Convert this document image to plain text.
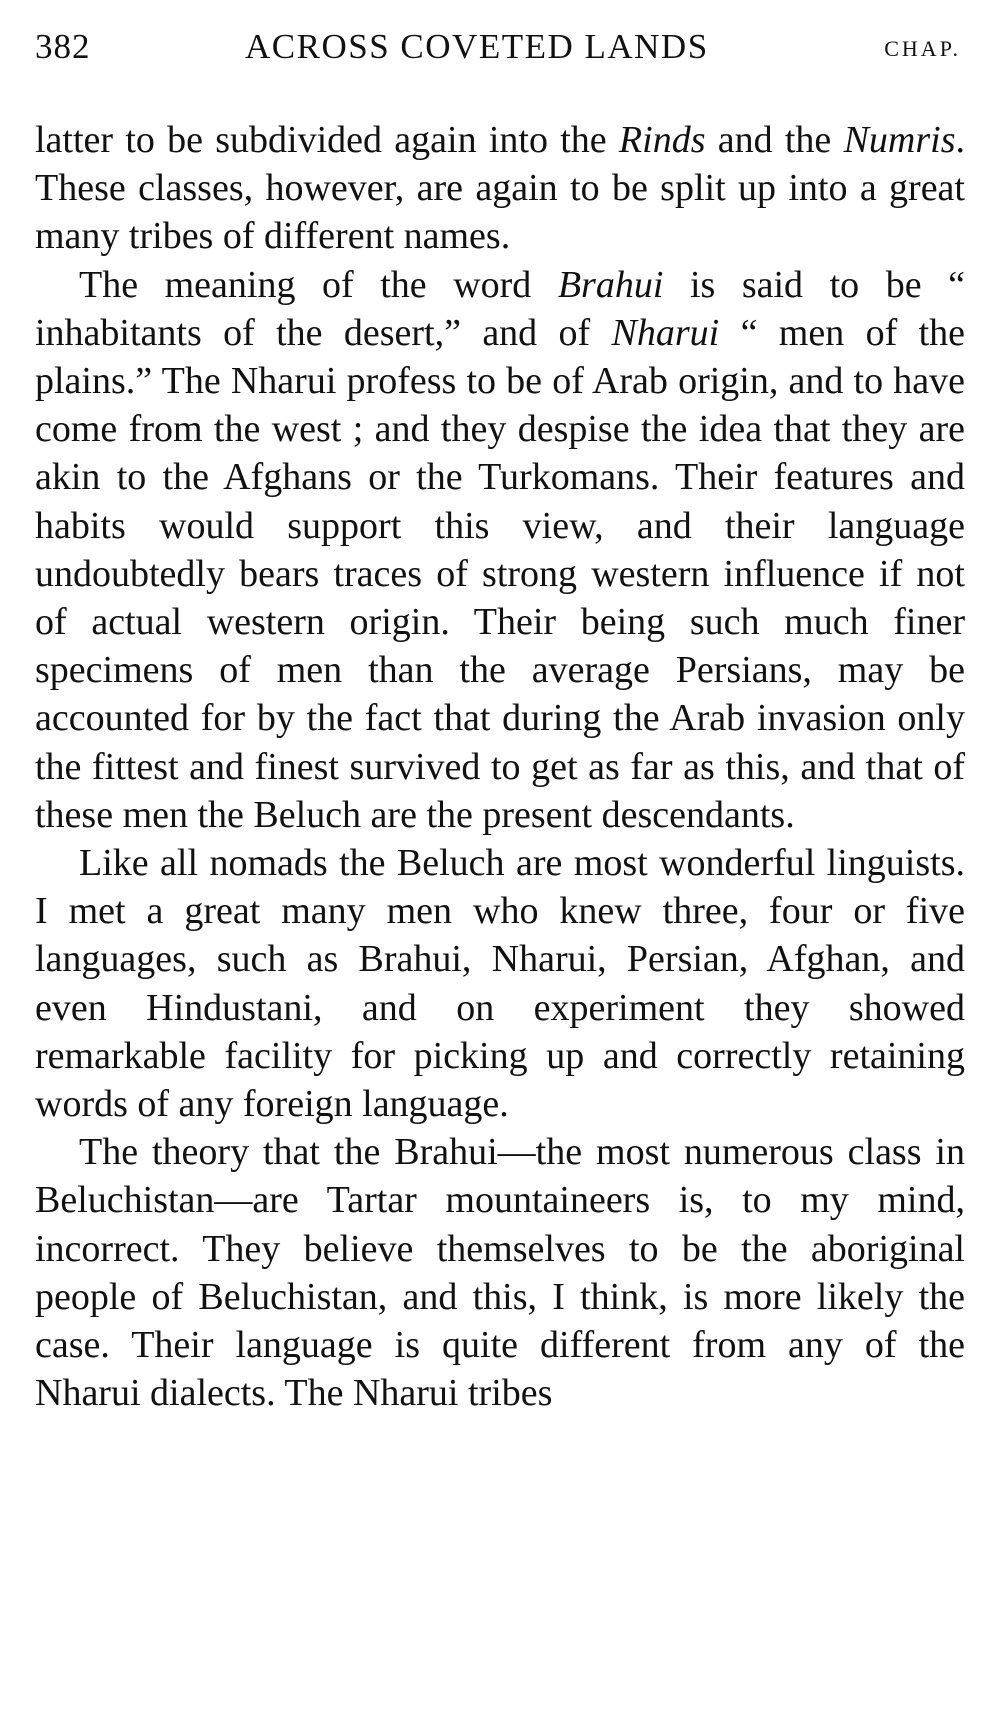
382	ACROSS COVETED LANDS	CHAP.

latter to be subdivided again into the Rinds and the Numris. These classes, however, are again to be split up into a great many tribes of different names.

The meaning of the word Brahui is said to be “ inhabitants of the desert,” and of Nharui “ men of the plains.” The Nharui profess to be of Arab origin, and to have come from the west ; and they despise the idea that they are akin to the Afghans or the Turkomans. Their features and habits would support this view, and their language undoubtedly bears traces of strong western influence if not of actual western origin. Their being such much finer specimens of men than the average Persians, may be accounted for by the fact that during the Arab invasion only the fittest and finest survived to get as far as this, and that of these men the Beluch are the present descendants.

Like all nomads the Beluch are most wonderful linguists. I met a great many men who knew three, four or five languages, such as Brahui, Nharui, Persian, Afghan, and even Hindustani, and on experiment they showed remarkable facility for picking up and correctly retaining words of any foreign language.

The theory that the Brahui—the most numerous class in Beluchistan—are Tartar mountaineers is, to my mind, incorrect. They believe themselves to be the aboriginal people of Beluchistan, and this, I think, is more likely the case. Their language is quite different from any of the Nharui dialects. The Nharui tribes
